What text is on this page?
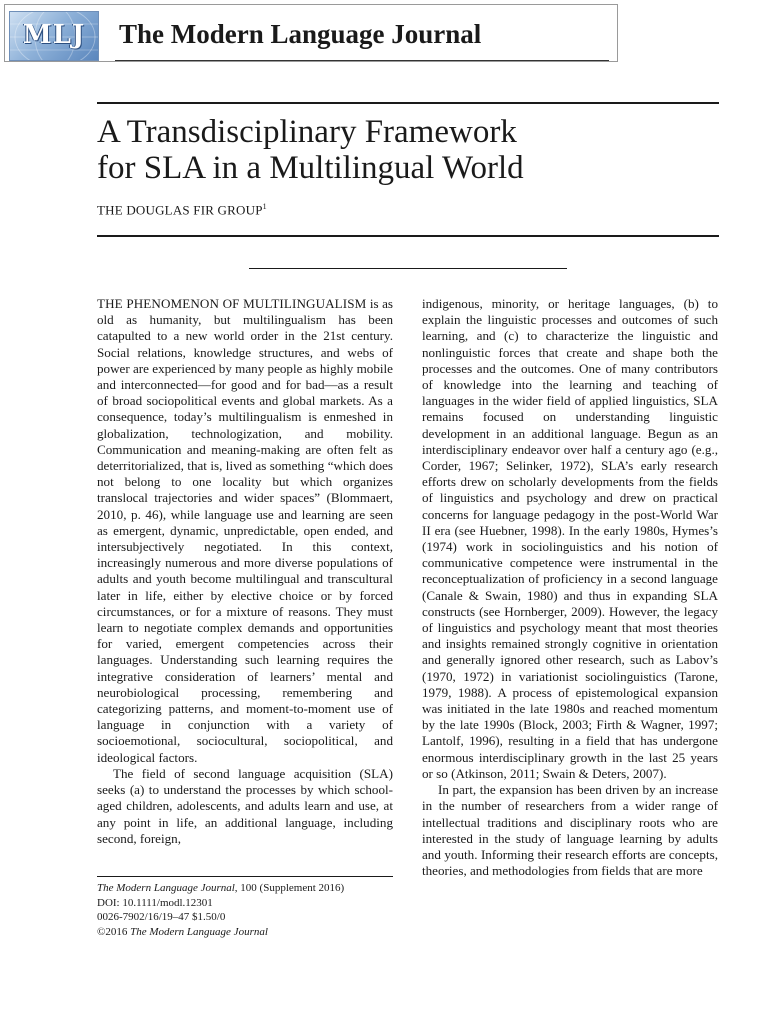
MLJ	The Modern Language Journal
A Transdisciplinary Framework
for SLA in a Multilingual World
THE DOUGLAS FIR GROUP$^1$

THE PHENOMENON OF MULTILINGUALISM is as old as humanity, but multilingualism has been catapulted to a new world order in the 21st century. Social relations, knowledge structures, and webs of power are experienced by many people as highly mobile and interconnected—for good and for bad—as a result of broad sociopolitical events and global markets. As a consequence, today’s multilingualism is enmeshed in globalization, technologization, and mobility. Communication and meaning-making are often felt as deterritorialized, that is, lived as something “which does not belong to one locality but which organizes translocal trajectories and wider spaces” (Blommaert, 2010, p. 46), while language use and learning are seen as emergent, dynamic, unpredictable, open ended, and intersubjectively negotiated. In this context, increasingly numerous and more diverse populations of adults and youth become multilingual and transcultural later in life, either by elective choice or by forced circumstances, or for a mixture of reasons. They must learn to negotiate complex demands and opportunities for varied, emergent competencies across their languages. Understanding such learning requires the integrative consideration of learners’ mental and neurobiological processing, remembering and categorizing patterns, and moment-to-moment use of language in conjunction with a variety of socioemotional, sociocultural, sociopolitical, and ideological factors.

The field of second language acquisition (SLA) seeks (a) to understand the processes by which school-aged children, adolescents, and adults learn and use, at any point in life, an additional language, including second, foreign,

indigenous, minority, or heritage languages, (b) to explain the linguistic processes and outcomes of such learning, and (c) to characterize the linguistic and nonlinguistic forces that create and shape both the processes and the outcomes. One of many contributors of knowledge into the learning and teaching of languages in the wider field of applied linguistics, SLA remains focused on understanding linguistic development in an additional language. Begun as an interdisciplinary endeavor over half a century ago (e.g., Corder, 1967; Selinker, 1972), SLA’s early research efforts drew on scholarly developments from the fields of linguistics and psychology and drew on practical concerns for language pedagogy in the post-World War II era (see Huebner, 1998). In the early 1980s, Hymes’s (1974) work in sociolinguistics and his notion of communicative competence were instrumental in the reconceptualization of proficiency in a second language (Canale & Swain, 1980) and thus in expanding SLA constructs (see Hornberger, 2009). However, the legacy of linguistics and psychology meant that most theories and insights remained strongly cognitive in orientation and generally ignored other research, such as Labov’s (1970, 1972) in variationist sociolinguistics (Tarone, 1979, 1988). A process of epistemological expansion was initiated in the late 1980s and reached momentum by the late 1990s (Block, 2003; Firth & Wagner, 1997; Lantolf, 1996), resulting in a field that has undergone enormous interdisciplinary growth in the last 25 years or so (Atkinson, 2011; Swain & Deters, 2007).

In part, the expansion has been driven by an increase in the number of researchers from a wider range of intellectual traditions and disciplinary roots who are interested in the study of language learning by adults and youth. Informing their research efforts are concepts, theories, and methodologies from fields that are more

The Modern Language Journal, 100 (Supplement 2016)
DOI: 10.1111/modl.12301
0026-7902/16/19–47 $1.50/0
©2016 The Modern Language Journal
